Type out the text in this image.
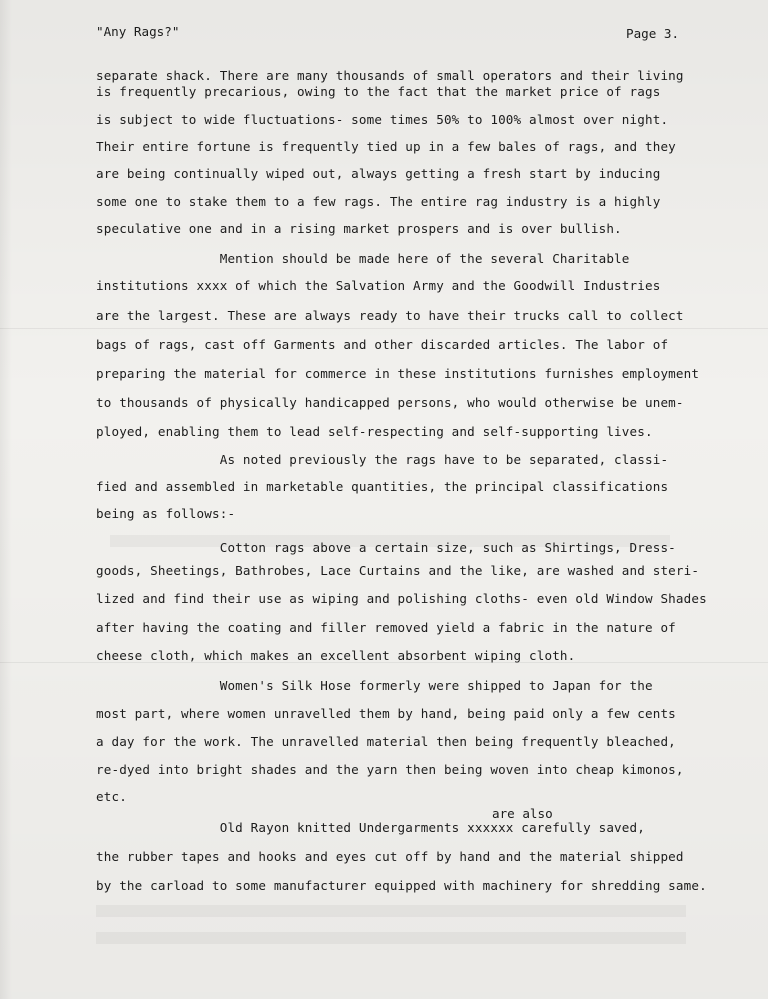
"Any Rags?"	Page 3.
separate shack. There are many thousands of small operators and their living
is frequently precarious, owing to the fact that the market price of rags
is subject to wide fluctuations- some times 50% to 100% almost over night.
Their entire fortune is frequently tied up in a few bales of rags, and they
are being continually wiped out, always getting a fresh start by inducing
some one to stake them to a few rags. The entire rag industry is a highly
speculative one and in a rising market prospers and is over bullish.
Mention should be made here of the several Charitable
institutions xxxx of which the Salvation Army and the Goodwill Industries
are the largest. These are always ready to have their trucks call to collect
bags of rags, cast off Garments and other discarded articles. The labor of
preparing the material for commerce in these institutions furnishes employment
to thousands of physically handicapped persons, who would otherwise be unem-
ployed, enabling them to lead self-respecting and self-supporting lives.
As noted previously the rags have to be separated, classi-
fied and assembled in marketable quantities, the principal classifications
being as follows:-
Cotton rags above a certain size, such as Shirtings, Dress-
goods, Sheetings, Bathrobes, Lace Curtains and the like, are washed and steri-
lized and find their use as wiping and polishing cloths- even old Window Shades
after having the coating and filler removed yield a fabric in the nature of
cheese cloth, which makes an excellent absorbent wiping cloth.
Women's Silk Hose formerly were shipped to Japan for the
most part, where women unravelled them by hand, being paid only a few cents
a day for the work. The unravelled material then being frequently bleached,
re-dyed into bright shades and the yarn then being woven into cheap kimonos,
etc.
are also
Old Rayon knitted Undergarments xxxxxx carefully saved,
the rubber tapes and hooks and eyes cut off by hand and the material shipped
by the carload to some manufacturer equipped with machinery for shredding same.
